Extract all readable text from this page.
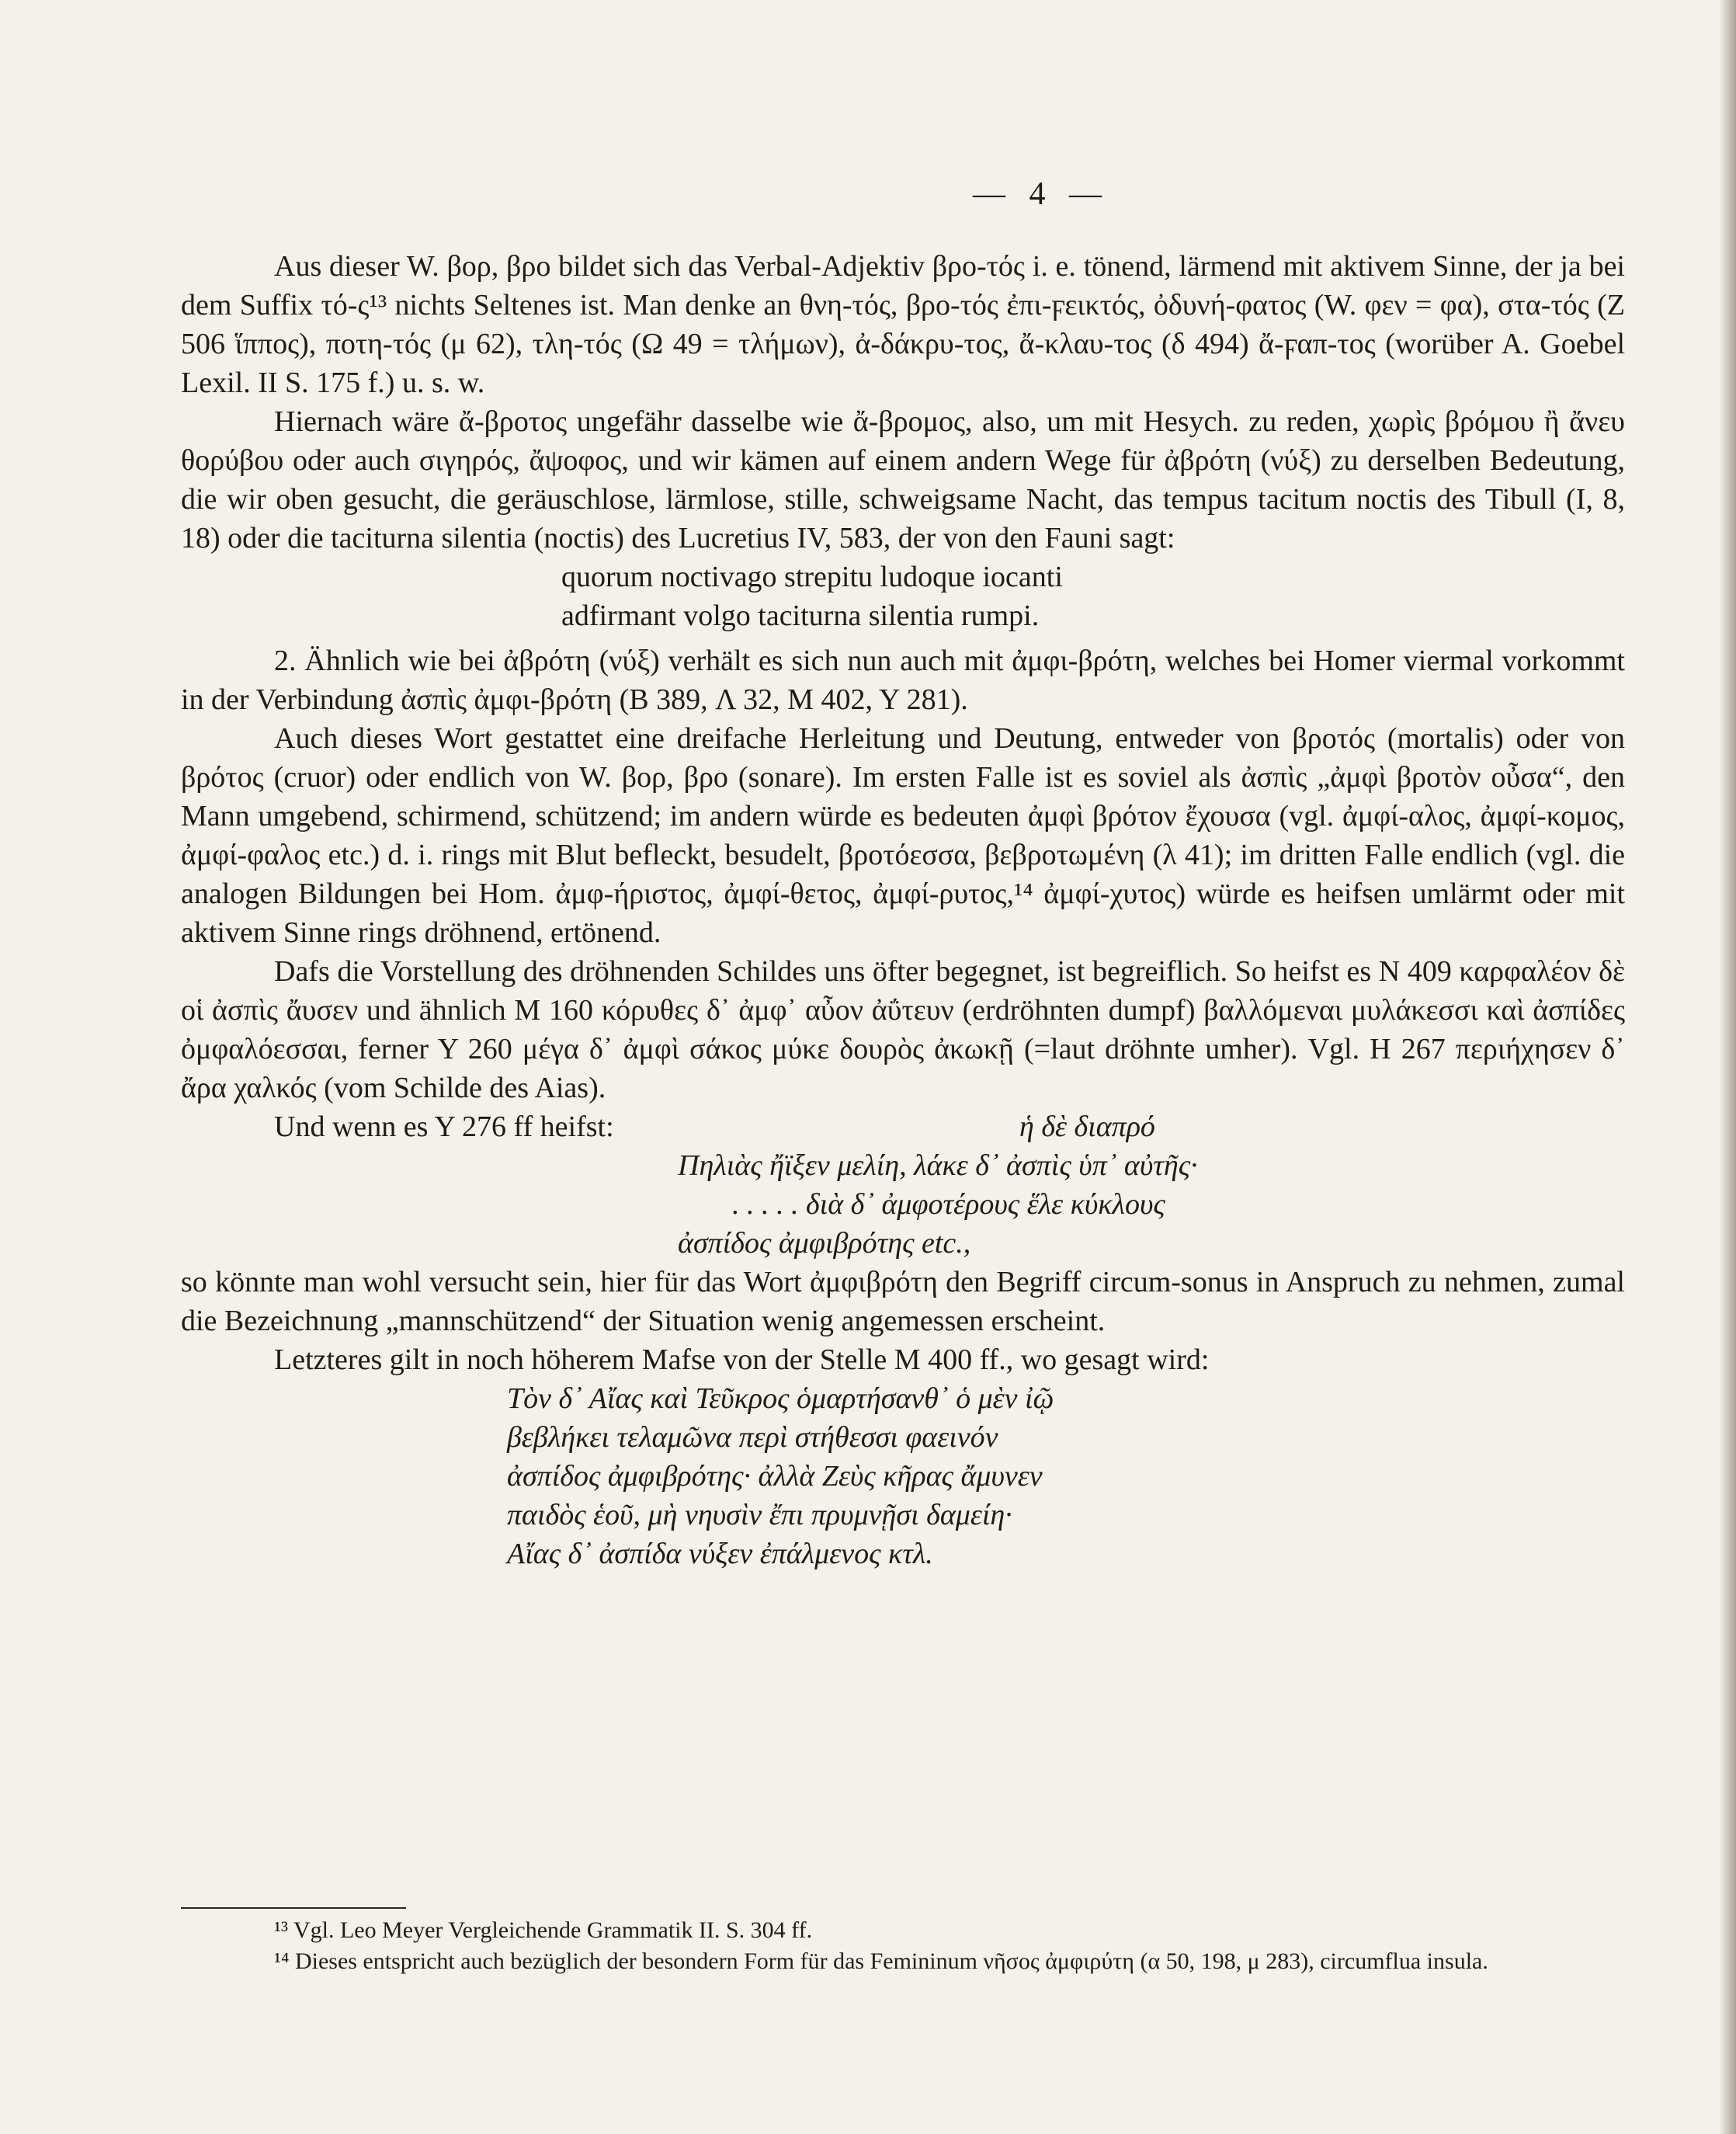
— 4 —

Aus dieser W. βορ, βρο bildet sich das Verbal-Adjektiv βρο-τός i. e. tönend, lärmend mit aktivem Sinne, der ja bei dem Suffix τό-ς¹³ nichts Seltenes ist. Man denke an θνη-τός, βρο-τός ἐπι-ϝεικτός, ὀδυνή-φατος (W. φεν = φα), στα-τός (Z 506 ἵππος), ποτη-τός (μ 62), τλη-τός (Ω 49 = τλήμων), ἀ-δάκρυ-τος, ἄ-κλαυ-τος (δ 494) ἄ-ϝαπ-τος (worüber A. Goebel Lexil. II S. 175 f.) u. s. w.

Hiernach wäre ἄ-βροτος ungefähr dasselbe wie ἄ-βρομος, also, um mit Hesych. zu reden, χωρὶς βρόμου ἢ ἄνευ θορύβου oder auch σιγηρός, ἄψοφος, und wir kämen auf einem andern Wege für ἀβρότη (νύξ) zu derselben Bedeutung, die wir oben gesucht, die geräuschlose, lärmlose, stille, schweigsame Nacht, das tempus tacitum noctis des Tibull (I, 8, 18) oder die taciturna silentia (noctis) des Lucretius IV, 583, der von den Fauni sagt:

quorum noctivago strepitu ludoque iocanti

adfirmant volgo taciturna silentia rumpi.

2. Ähnlich wie bei ἀβρότη (νύξ) verhält es sich nun auch mit ἀμφι-βρότη, welches bei Homer viermal vorkommt in der Verbindung ἀσπὶς ἀμφι-βρότη (B 389, Λ 32, M 402, Y 281).

Auch dieses Wort gestattet eine dreifache Herleitung und Deutung, entweder von βροτός (mortalis) oder von βρότος (cruor) oder endlich von W. βορ, βρο (sonare). Im ersten Falle ist es soviel als ἀσπὶς „ἀμφὶ βροτὸν οὖσα“, den Mann umgebend, schirmend, schützend; im andern würde es bedeuten ἀμφὶ βρότον ἔχουσα (vgl. ἀμφί-αλος, ἀμφί-κομος, ἀμφί-φαλος etc.) d. i. rings mit Blut befleckt, besudelt, βροτόεσσα, βεβροτωμένη (λ 41); im dritten Falle endlich (vgl. die analogen Bildungen bei Hom. ἀμφ-ήριστος, ἀμφί-θετος, ἀμφί-ρυτος,¹⁴ ἀμφί-χυτος) würde es heifsen umlärmt oder mit aktivem Sinne rings dröhnend, ertönend.

Dafs die Vorstellung des dröhnenden Schildes uns öfter begegnet, ist begreiflich. So heifst es N 409 καρφαλέον δὲ οἱ ἀσπὶς ἄυσεν und ähnlich M 160 κόρυθες δ᾽ ἀμφ᾽ αὖον ἀΰτευν (erdröhnten dumpf) βαλλόμεναι μυλάκεσσι καὶ ἀσπίδες ὀμφαλόεσσαι, ferner Y 260 μέγα δ᾽ ἀμφὶ σάκος μύκε δουρὸς ἀκωκῇ (=laut dröhnte umher). Vgl. Η 267 περιήχησεν δ᾽ ἄρα χαλκός (vom Schilde des Aias).

Und wenn es Y 276 ff heifst:	ἡ δὲ διαπρό

Πηλιὰς ἤϊξεν μελίη, λάκε δ᾽ ἀσπὶς ὑπ᾽ αὐτῆς·

. . . . . διὰ δ᾽ ἀμφοτέρους ἕλε κύκλους

ἀσπίδος ἀμφιβρότης etc.,

so könnte man wohl versucht sein, hier für das Wort ἀμφιβρότη den Begriff circum-sonus in Anspruch zu nehmen, zumal die Bezeichnung „mannschützend“ der Situation wenig angemessen erscheint.

Letzteres gilt in noch höherem Mafse von der Stelle M 400 ff., wo gesagt wird:

Τὸν δ᾽ Αἴας καὶ Τεῦκρος ὁμαρτήσανθ᾽ ὁ μὲν ἰῷ

βεβλήκει τελαμῶνα περὶ στήθεσσι φαεινόν

ἀσπίδος ἀμφιβρότης· ἀλλὰ Ζεὺς κῆρας ἄμυνεν

παιδὸς ἑοῦ, μὴ νηυσὶν ἔπι πρυμνῇσι δαμείη·

Αἴας δ᾽ ἀσπίδα νύξεν ἐπάλμενος κτλ.

¹³ Vgl. Leo Meyer Vergleichende Grammatik II. S. 304 ff.

¹⁴ Dieses entspricht auch bezüglich der besondern Form für das Femininum νῆσος ἀμφιρύτη (α 50, 198, μ 283), circumflua insula.
